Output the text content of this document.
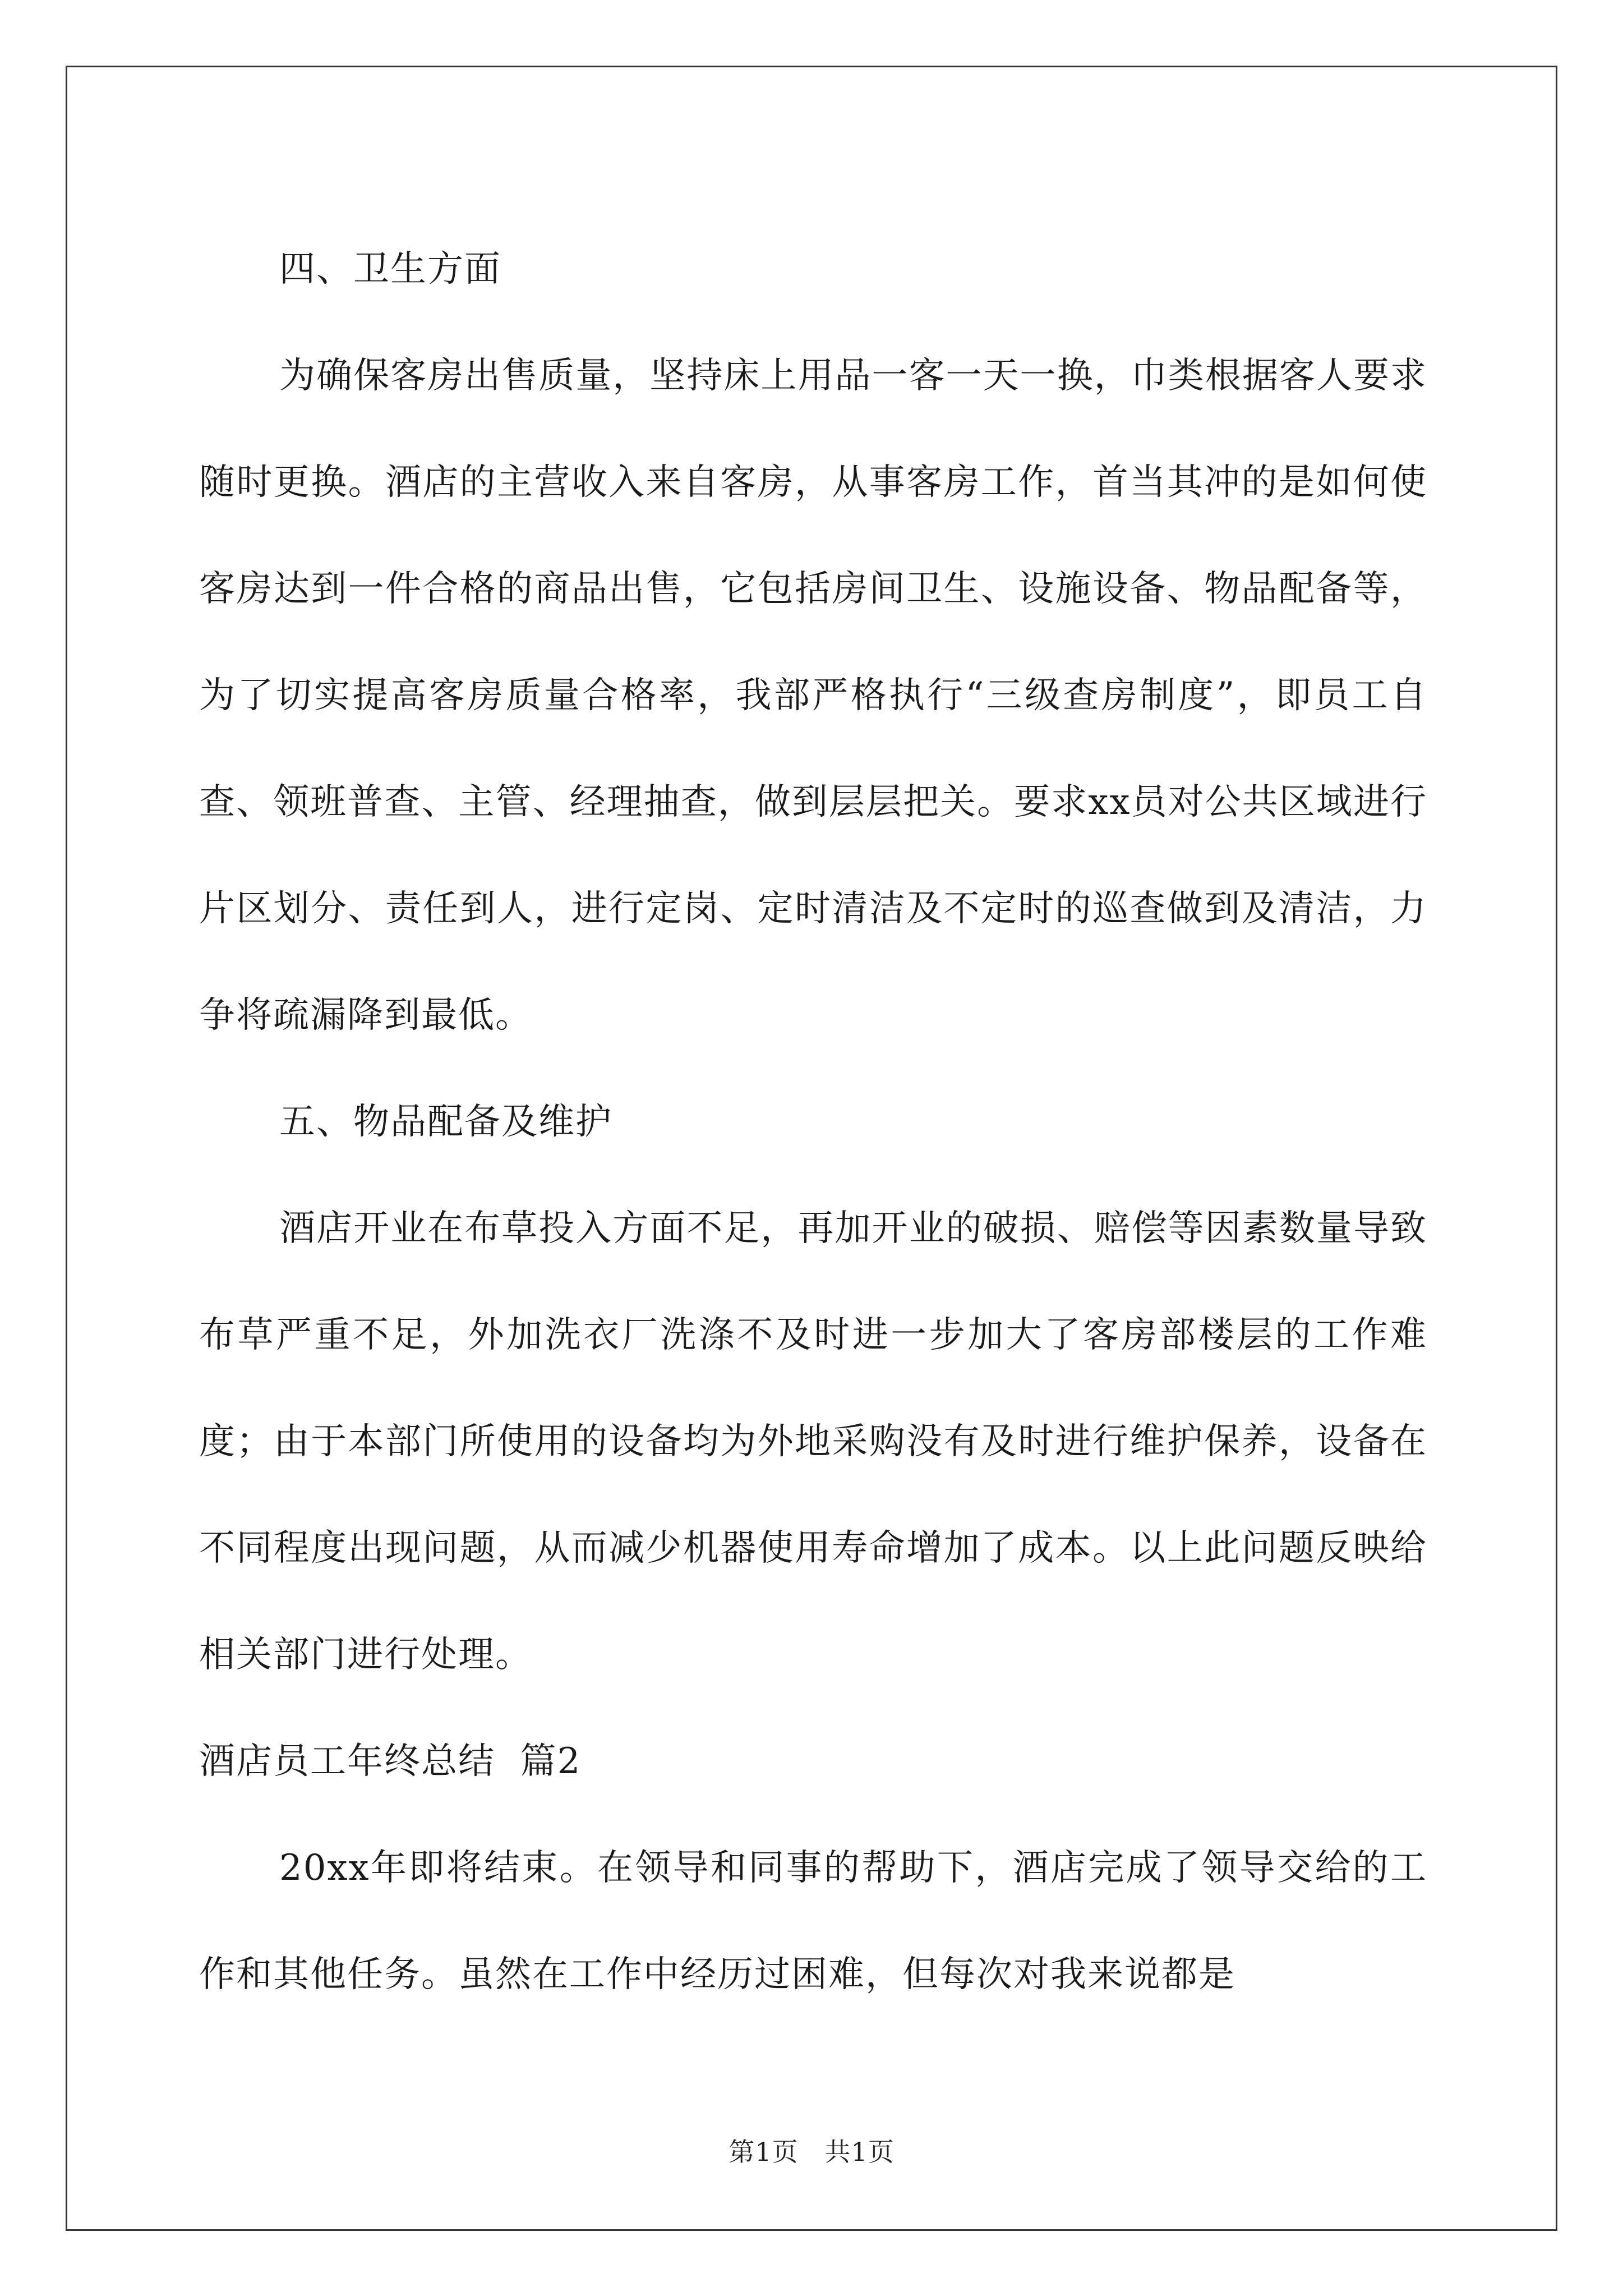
四、卫生方面

为确保客房出售质量，坚持床上用品一客一天一换，巾类根据客人要求随时更换。酒店的主营收入来自客房，从事客房工作，首当其冲的是如何使客房达到一件合格的商品出售，它包括房间卫生、设施设备、物品配备等，为了切实提高客房质量合格率，我部严格执行“三级查房制度”，即员工自查、领班普查、主管、经理抽查，做到层层把关。要求xx员对公共区域进行片区划分、责任到人，进行定岗、定时清洁及不定时的巡查做到及清洁，力争将疏漏降到最低。

五、物品配备及维护

酒店开业在布草投入方面不足，再加开业的破损、赔偿等因素数量导致布草严重不足，外加洗衣厂洗涤不及时进一步加大了客房部楼层的工作难度；由于本部门所使用的设备均为外地采购没有及时进行维护保养，设备在不同程度出现问题，从而减少机器使用寿命增加了成本。以上此问题反映给相关部门进行处理。

酒店员工年终总结  篇2

20xx年即将结束。在领导和同事的帮助下，酒店完成了领导交给的工作和其他任务。虽然在工作中经历过困难，但每次对我来说都是

第1页   共1页
